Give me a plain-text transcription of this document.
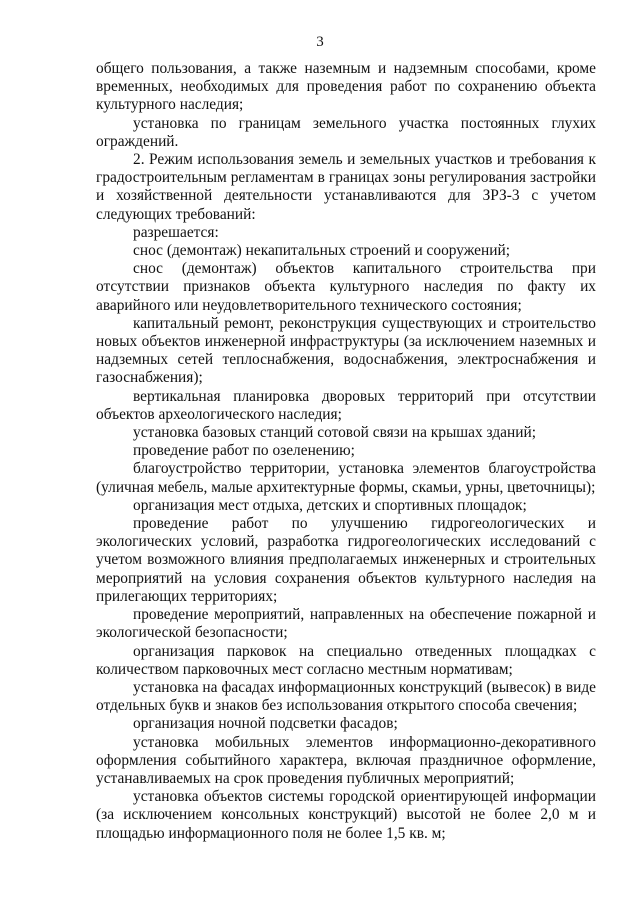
3

общего пользования, а также наземным и надземным способами, кроме временных, необходимых для проведения работ по сохранению объекта культурного наследия;

установка по границам земельного участка постоянных глухих ограждений.

2. Режим использования земель и земельных участков и требования к градостроительным регламентам в границах зоны регулирования застройки и хозяйственной деятельности устанавливаются для ЗРЗ-3 с учетом следующих требований:

разрешается:

снос (демонтаж) некапитальных строений и сооружений;

снос (демонтаж) объектов капитального строительства при отсутствии признаков объекта культурного наследия по факту их аварийного или неудовлетворительного технического состояния;

капитальный ремонт, реконструкция существующих и строительство новых объектов инженерной инфраструктуры (за исключением наземных и надземных сетей теплоснабжения, водоснабжения, электроснабжения и газоснабжения);

вертикальная планировка дворовых территорий при отсутствии объектов археологического наследия;

установка базовых станций сотовой связи на крышах зданий;

проведение работ по озеленению;

благоустройство территории, установка элементов благоустройства (уличная мебель, малые архитектурные формы, скамьи, урны, цветочницы);

организация мест отдыха, детских и спортивных площадок;

проведение работ по улучшению гидрогеологических и экологических условий, разработка гидрогеологических исследований с учетом возможного влияния предполагаемых инженерных и строительных мероприятий на условия сохранения объектов культурного наследия на прилегающих территориях;

проведение мероприятий, направленных на обеспечение пожарной и экологической безопасности;

организация парковок на специально отведенных площадках с количеством парковочных мест согласно местным нормативам;

установка на фасадах информационных конструкций (вывесок) в виде отдельных букв и знаков без использования открытого способа свечения;

организация ночной подсветки фасадов;

установка мобильных элементов информационно-декоративного оформления событийного характера, включая праздничное оформление, устанавливаемых на срок проведения публичных мероприятий;

установка объектов системы городской ориентирующей информации (за исключением консольных конструкций) высотой не более 2,0 м и площадью информационного поля не более 1,5 кв. м;
